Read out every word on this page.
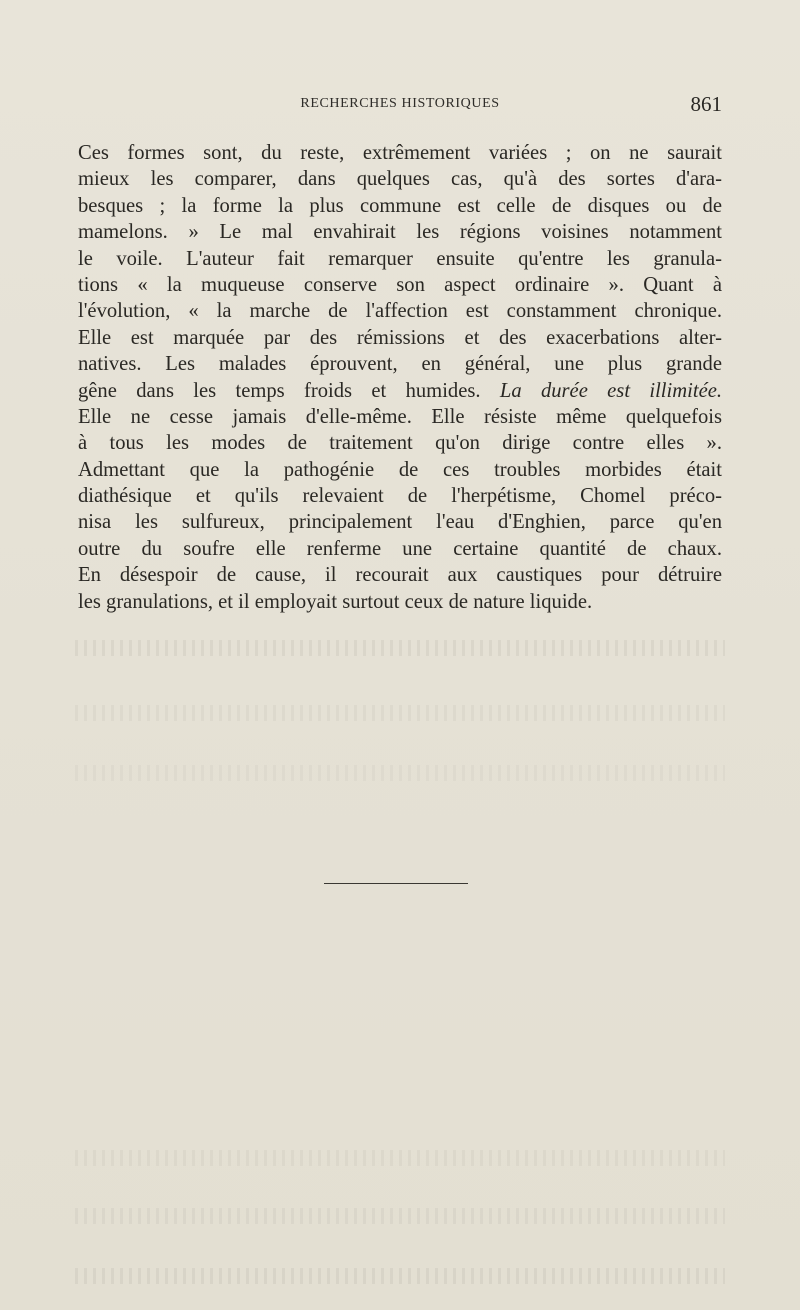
RECHERCHES HISTORIQUES	861
Ces formes sont, du reste, extrêmement variées ; on ne saurait
mieux les comparer, dans quelques cas, qu'à des sortes d'ara-
besques ; la forme la plus commune est celle de disques ou de
mamelons. » Le mal envahirait les régions voisines notamment
le voile. L'auteur fait remarquer ensuite qu'entre les granula-
tions « la muqueuse conserve son aspect ordinaire ». Quant à
l'évolution, « la marche de l'affection est constamment chronique.
Elle est marquée par des rémissions et des exacerbations alter-
natives. Les malades éprouvent, en général, une plus grande
gêne dans les temps froids et humides. La durée est illimitée.
Elle ne cesse jamais d'elle-même. Elle résiste même quelquefois
à tous les modes de traitement qu'on dirige contre elles ».
Admettant que la pathogénie de ces troubles morbides était
diathésique et qu'ils relevaient de l'herpétisme, Chomel préco-
nisa les sulfureux, principalement l'eau d'Enghien, parce qu'en
outre du soufre elle renferme une certaine quantité de chaux.
En désespoir de cause, il recourait aux caustiques pour détruire
les granulations, et il employait surtout ceux de nature liquide.
